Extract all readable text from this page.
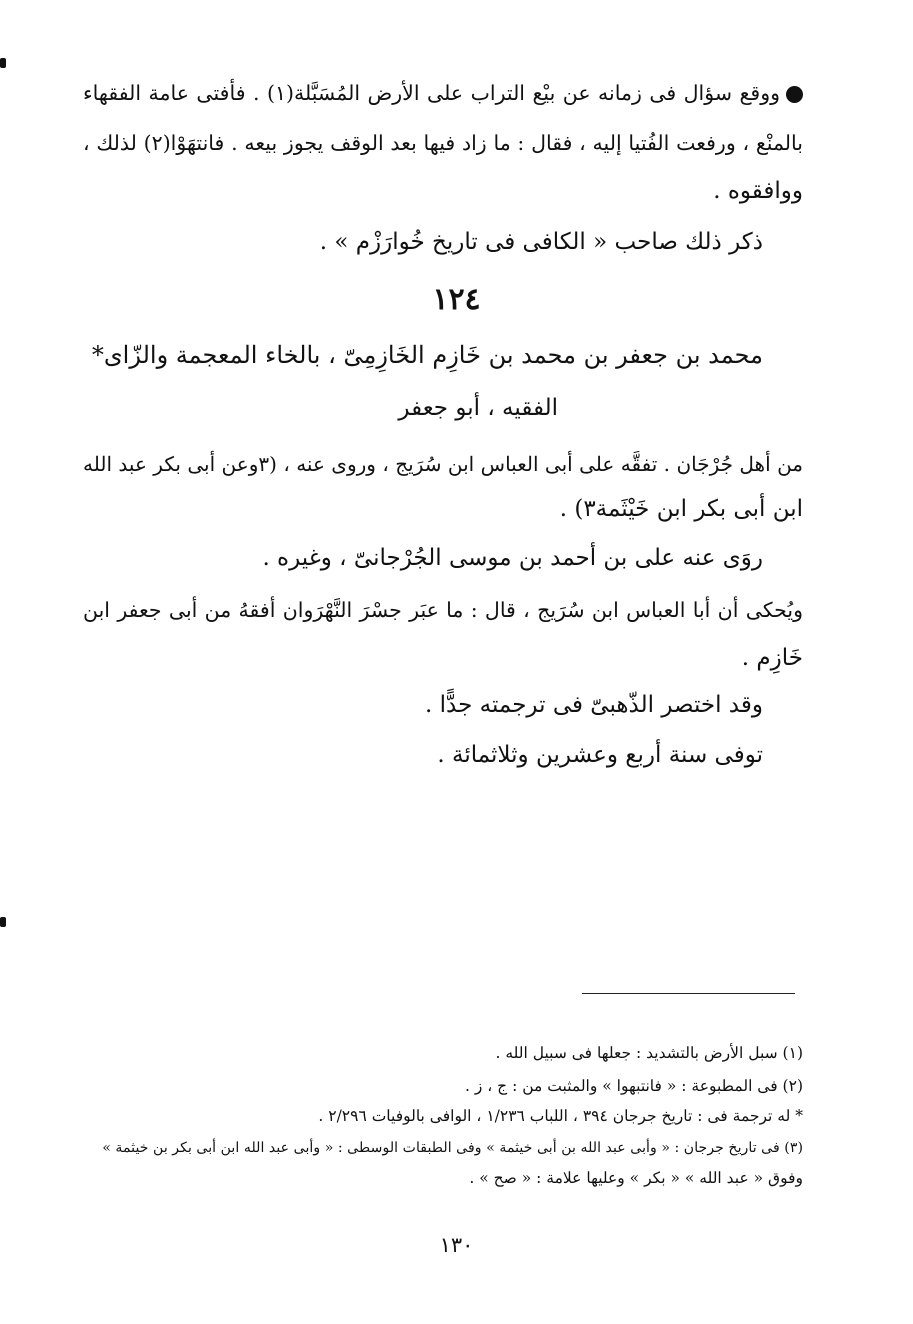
ووقع سؤال فى زمانه عن بيْع التراب على الأرض المُسَبَّلة(١) . فأفتى عامة الفقهاء
بالمنْع ، ورفعت الفُتيا إليه ، فقال : ما زاد فيها بعد الوقف يجوز بيعه . فانتهَوْا(٢) لذلك ،
ووافقوه .
ذكر ذلك صاحب « الكافى فى تاريخ خُوارَزْم » .
١٢٤
محمد بن جعفر بن محمد بن خَازِم الخَازِمِىّ ، بالخاء المعجمة والزّاى*
الفقيه ، أبو جعفر
من أهل جُرْجَان . تفقَّه على أبى العباس ابن سُرَيج ، وروى عنه ، (٣وعن أبى بكر عبد الله
ابن أبى بكر ابن خَيْثَمة٣) .
روَى عنه على بن أحمد بن موسى الجُرْجانىّ ، وغيره .
ويُحكى أن أبا العباس ابن سُرَيج ، قال : ما عبَر جسْرَ النَّهْرَوان أفقهُ من أبى جعفر ابن
خَازِم .
وقد اختصر الذّهبىّ فى ترجمته جدًّا .
توفى سنة أربع وعشرين وثلاثمائة .
(١) سبل الأرض بالتشديد : جعلها فى سبيل الله .
(٢) فى المطبوعة : « فانتبهوا » والمثبت من : ج ، ز .
* له ترجمة فى : تاريخ جرجان ٣٩٤ ، اللباب ١/٢٣٦ ، الوافى بالوفيات ٢/٢٩٦ .
(٣) فى تاريخ جرجان : « وأبى عبد الله بن أبى خيثمة » وفى الطبقات الوسطى : « وأبى عبد الله ابن أبى بكر بن خيثمة »
وفوق « عبد الله » « بكر » وعليها علامة : « صح » .
١٣٠
